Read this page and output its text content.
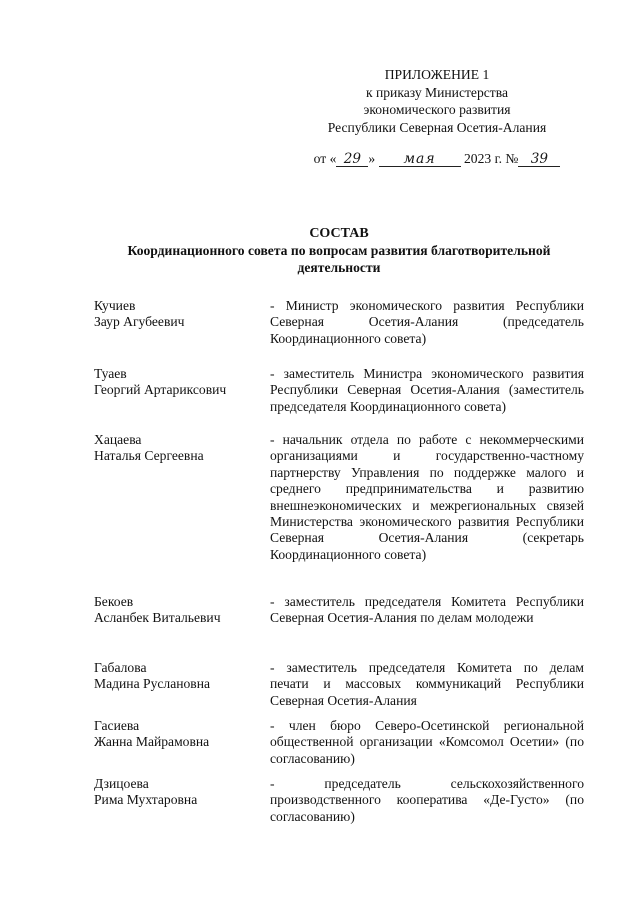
ПРИЛОЖЕНИЕ 1
к приказу Министерства
экономического развития
Республики Северная Осетия-Алания
от « 29 » мая 2023 г. № 39
СОСТАВ
Координационного совета по вопросам развития благотворительной деятельности
Кучиев
Заур Агубеевич
- Министр экономического развития Республики Северная Осетия-Алания (председатель Координационного совета)
Туаев
Георгий Артариксович
- заместитель Министра экономического развития Республики Северная Осетия-Алания (заместитель председателя Координационного совета)
Хацаева
Наталья Сергеевна
- начальник отдела по работе с некоммерческими организациями и государственно-частному партнерству Управления по поддержке малого и среднего предпринимательства и развитию внешнеэкономических и межрегиональных связей Министерства экономического развития Республики Северная Осетия-Алания (секретарь Координационного совета)
Бекоев
Асланбек Витальевич
- заместитель председателя Комитета Республики Северная Осетия-Алания по делам молодежи
Габалова
Мадина Руслановна
- заместитель председателя Комитета по делам печати и массовых коммуникаций Республики Северная Осетия-Алания
Гасиева
Жанна Майрамовна
- член бюро Северо-Осетинской региональной общественной организации «Комсомол Осетии» (по согласованию)
Дзицоева
Рима Мухтаровна
- председатель сельскохозяйственного производственного кооператива «Де-Густо» (по согласованию)
